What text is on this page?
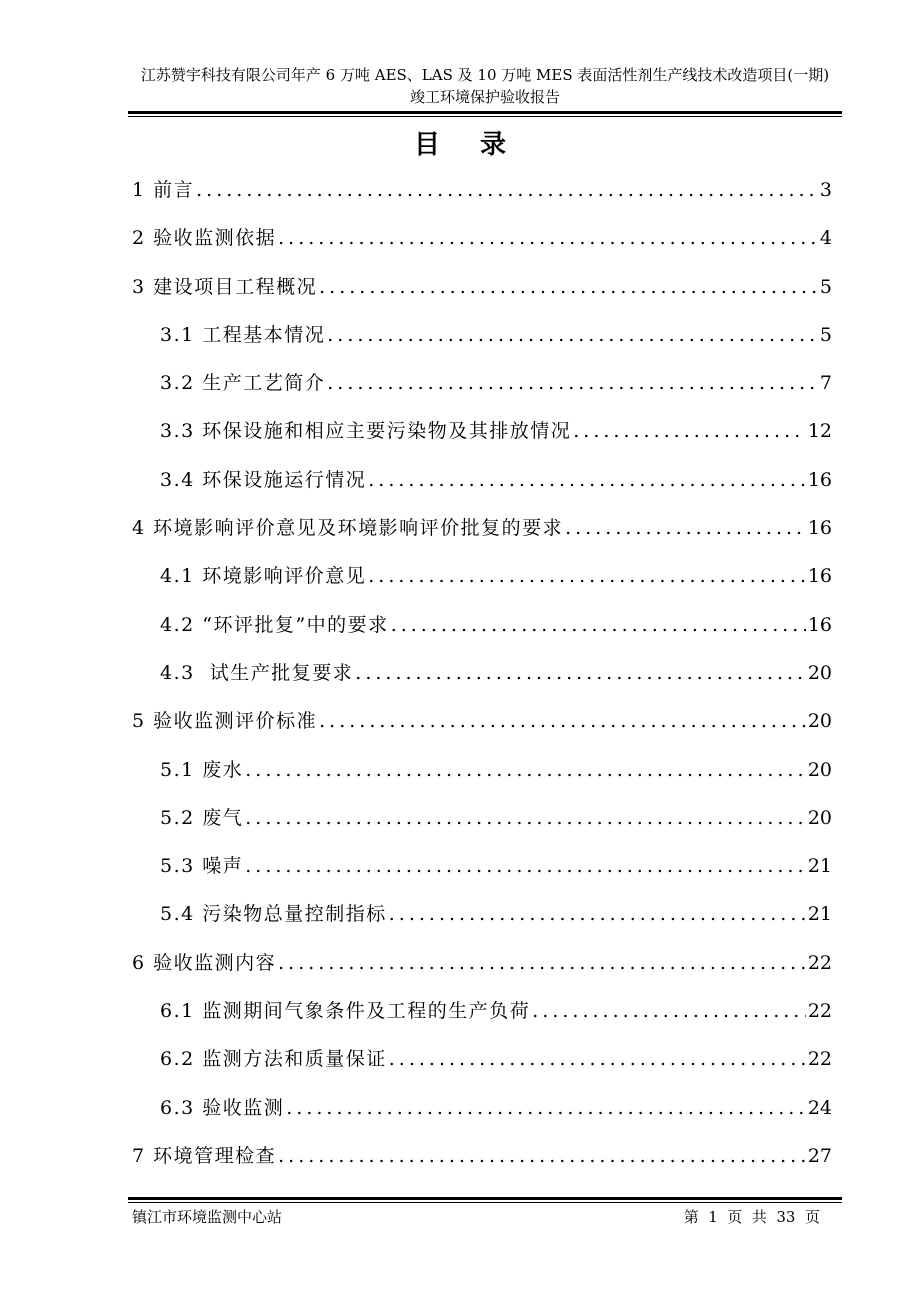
江苏赞宇科技有限公司年产 6 万吨 AES、LAS 及 10 万吨 MES 表面活性剂生产线技术改造项目(一期)
竣工环境保护验收报告
目录
1 前言 .....	3
2 验收监测依据 .....	4
3 建设项目工程概况 .....	5
3.1 工程基本情况 .....	5
3.2 生产工艺简介 .....	7
3.3 环保设施和相应主要污染物及其排放情况 .....	12
3.4 环保设施运行情况 .....	16
4 环境影响评价意见及环境影响评价批复的要求 .....	16
4.1 环境影响评价意见 .....	16
4.2 “环评批复”中的要求 .....	16
4.3  试生产批复要求 .....	20
5 验收监测评价标准 .....	20
5.1 废水 .....	20
5.2 废气 .....	20
5.3 噪声 .....	21
5.4 污染物总量控制指标 .....	21
6 验收监测内容 .....	22
6.1 监测期间气象条件及工程的生产负荷 .....	22
6.2 监测方法和质量保证 .....	22
6.3 验收监测 .....	24
7 环境管理检查 .....	27
镇江市环境监测中心站	第  1  页  共  33  页
